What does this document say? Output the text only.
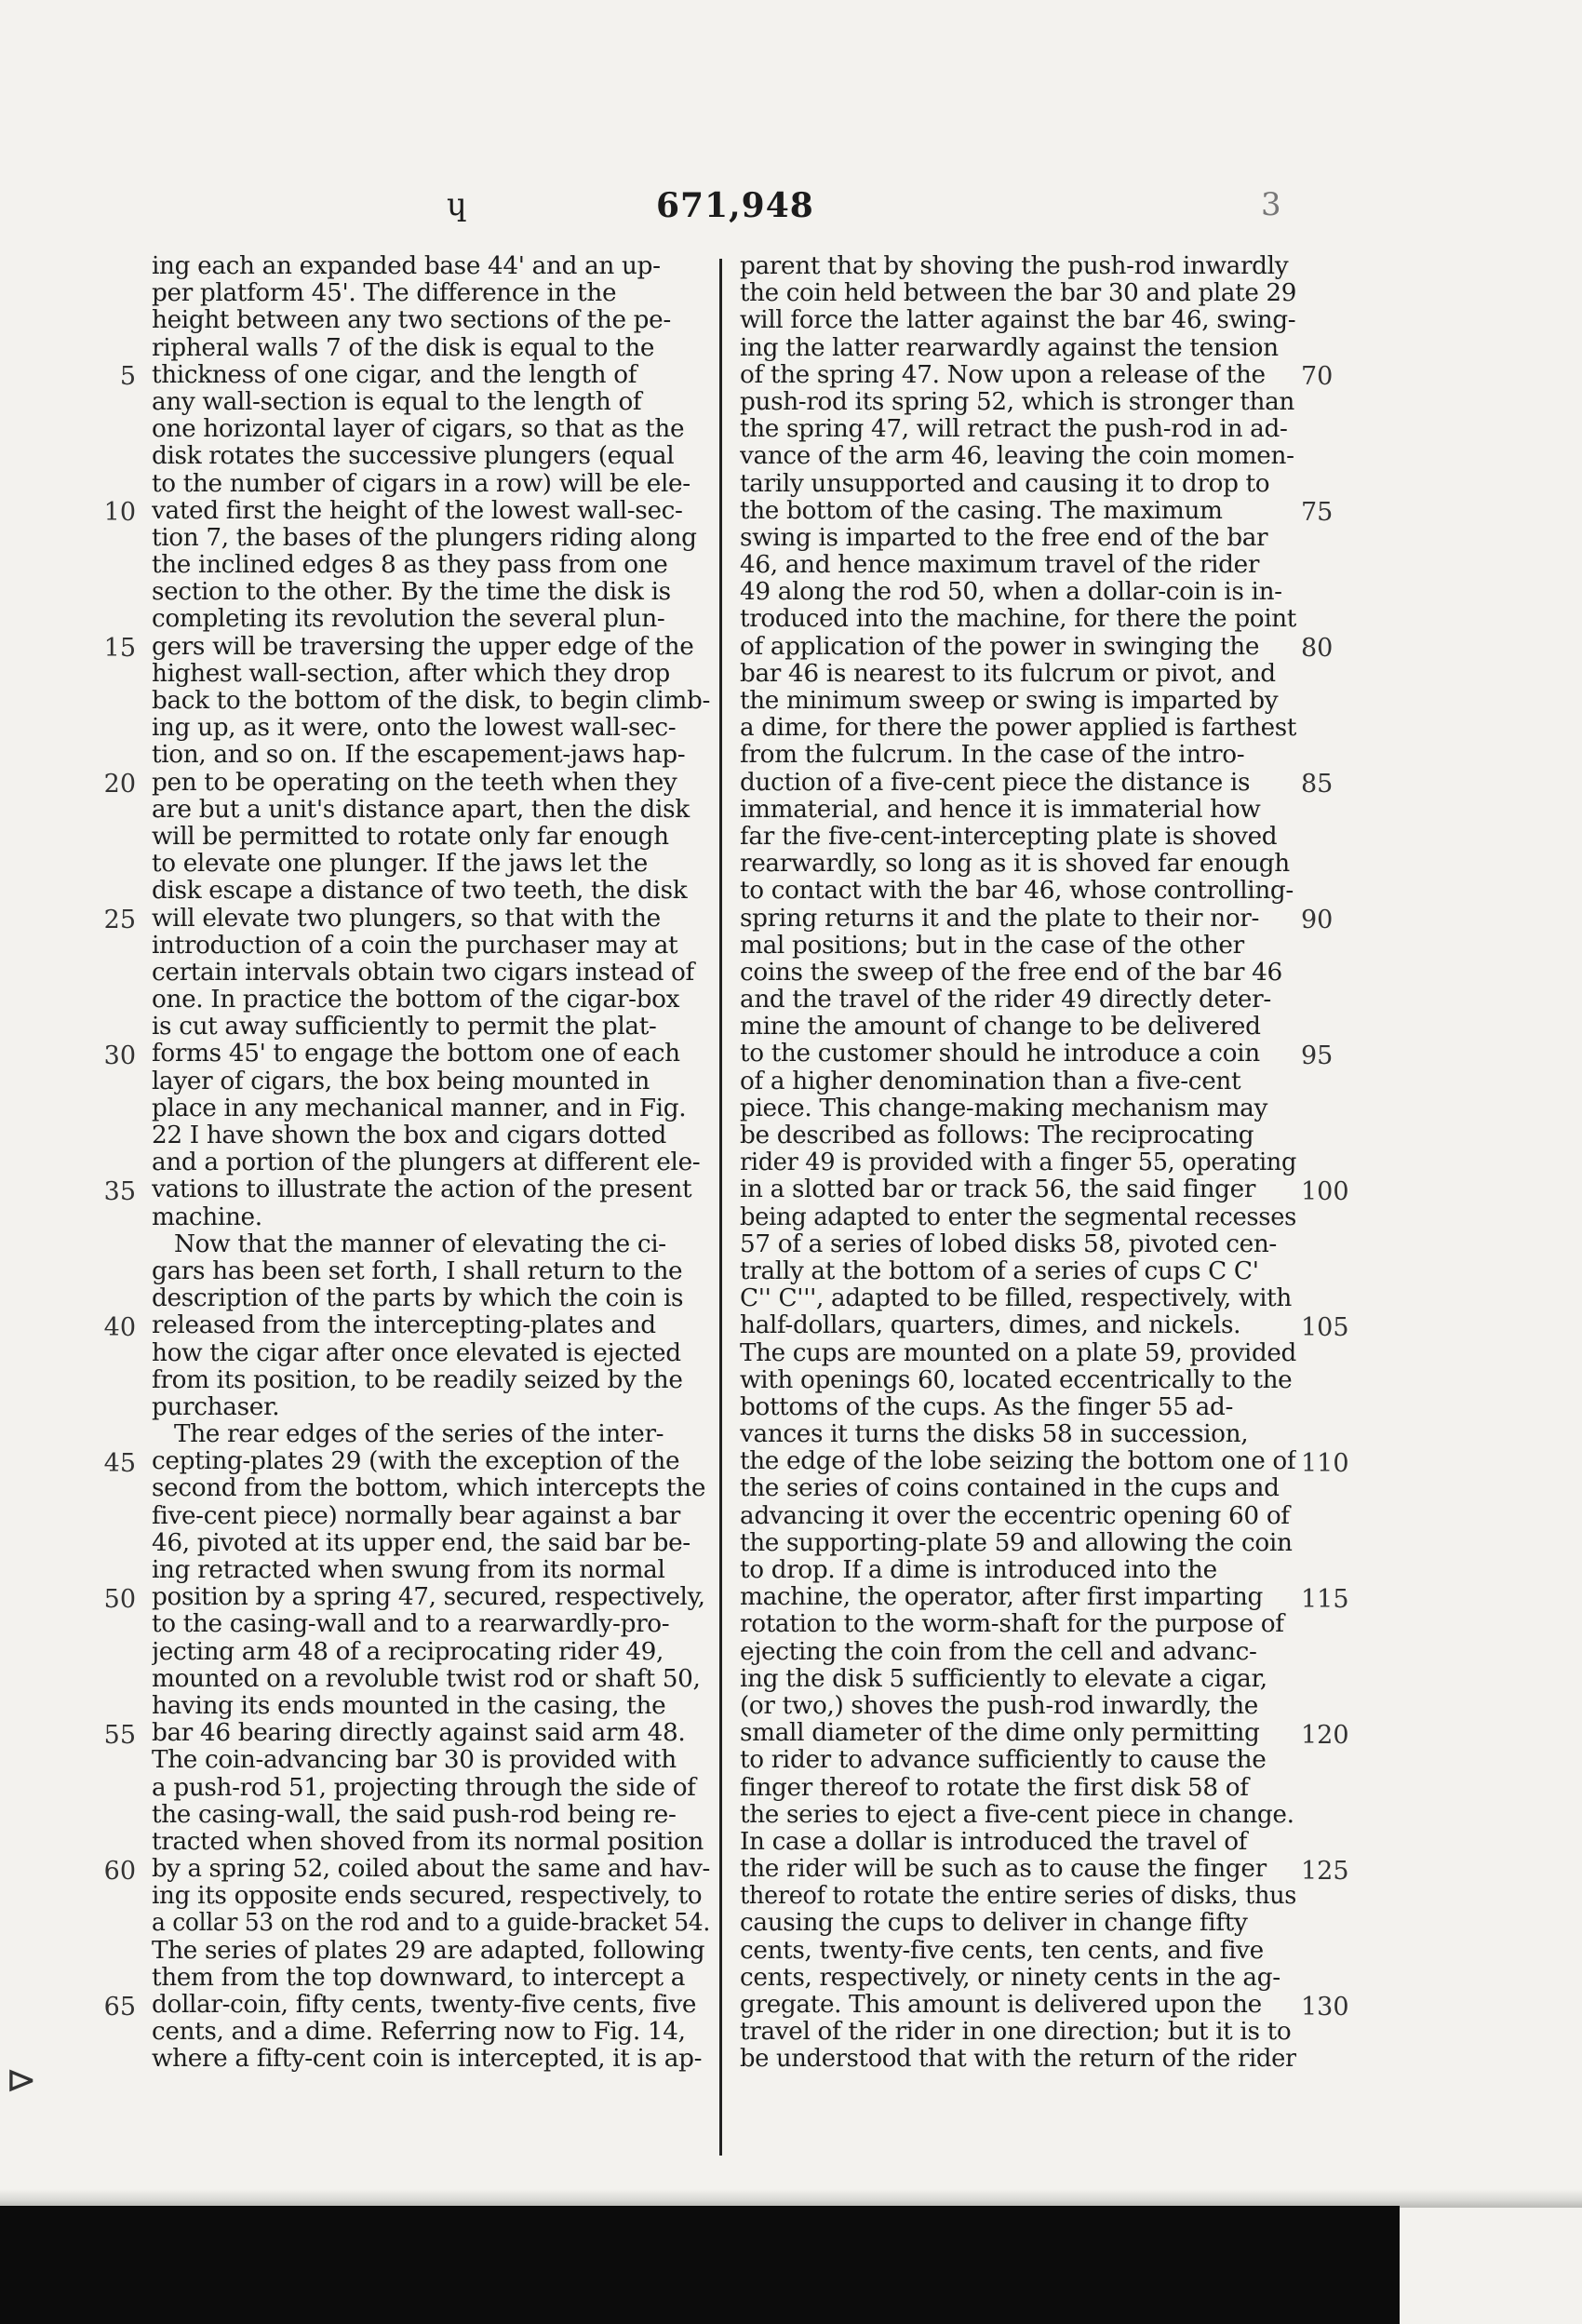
ɥ	671,948	3
ing each an expanded base 44' and an up-
per platform 45'. The difference in the
height between any two sections of the pe-
ripheral walls 7 of the disk is equal to the
thickness of one cigar, and the length of
any wall-section is equal to the length of
one horizontal layer of cigars, so that as the
disk rotates the successive plungers (equal
to the number of cigars in a row) will be ele-
vated first the height of the lowest wall-sec-
tion 7, the bases of the plungers riding along
the inclined edges 8 as they pass from one
section to the other. By the time the disk is
completing its revolution the several plun-
gers will be traversing the upper edge of the
highest wall-section, after which they drop
back to the bottom of the disk, to begin climb-
ing up, as it were, onto the lowest wall-sec-
tion, and so on. If the escapement-jaws hap-
pen to be operating on the teeth when they
are but a unit's distance apart, then the disk
will be permitted to rotate only far enough
to elevate one plunger. If the jaws let the
disk escape a distance of two teeth, the disk
will elevate two plungers, so that with the
introduction of a coin the purchaser may at
certain intervals obtain two cigars instead of
one. In practice the bottom of the cigar-box
is cut away sufficiently to permit the plat-
forms 45' to engage the bottom one of each
layer of cigars, the box being mounted in
place in any mechanical manner, and in Fig.
22 I have shown the box and cigars dotted
and a portion of the plungers at different ele-
vations to illustrate the action of the present
machine.
Now that the manner of elevating the ci-
gars has been set forth, I shall return to the
description of the parts by which the coin is
released from the intercepting-plates and
how the cigar after once elevated is ejected
from its position, to be readily seized by the
purchaser.
The rear edges of the series of the inter-
cepting-plates 29 (with the exception of the
second from the bottom, which intercepts the
five-cent piece) normally bear against a bar
46, pivoted at its upper end, the said bar be-
ing retracted when swung from its normal
position by a spring 47, secured, respectively,
to the casing-wall and to a rearwardly-pro-
jecting arm 48 of a reciprocating rider 49,
mounted on a revoluble twist rod or shaft 50,
having its ends mounted in the casing, the
bar 46 bearing directly against said arm 48.
The coin-advancing bar 30 is provided with
a push-rod 51, projecting through the side of
the casing-wall, the said push-rod being re-
tracted when shoved from its normal position
by a spring 52, coiled about the same and hav-
ing its opposite ends secured, respectively, to
a collar 53 on the rod and to a guide-bracket 54.
The series of plates 29 are adapted, following
them from the top downward, to intercept a
dollar-coin, fifty cents, twenty-five cents, five
cents, and a dime. Referring now to Fig. 14,
where a fifty-cent coin is intercepted, it is ap-
parent that by shoving the push-rod inwardly
the coin held between the bar 30 and plate 29
will force the latter against the bar 46, swing-
ing the latter rearwardly against the tension
of the spring 47. Now upon a release of the
push-rod its spring 52, which is stronger than
the spring 47, will retract the push-rod in ad-
vance of the arm 46, leaving the coin momen-
tarily unsupported and causing it to drop to
the bottom of the casing. The maximum
swing is imparted to the free end of the bar
46, and hence maximum travel of the rider
49 along the rod 50, when a dollar-coin is in-
troduced into the machine, for there the point
of application of the power in swinging the
bar 46 is nearest to its fulcrum or pivot, and
the minimum sweep or swing is imparted by
a dime, for there the power applied is farthest
from the fulcrum. In the case of the intro-
duction of a five-cent piece the distance is
immaterial, and hence it is immaterial how
far the five-cent-intercepting plate is shoved
rearwardly, so long as it is shoved far enough
to contact with the bar 46, whose controlling-
spring returns it and the plate to their nor-
mal positions; but in the case of the other
coins the sweep of the free end of the bar 46
and the travel of the rider 49 directly deter-
mine the amount of change to be delivered
to the customer should he introduce a coin
of a higher denomination than a five-cent
piece. This change-making mechanism may
be described as follows: The reciprocating
rider 49 is provided with a finger 55, operating
in a slotted bar or track 56, the said finger
being adapted to enter the segmental recesses
57 of a series of lobed disks 58, pivoted cen-
trally at the bottom of a series of cups C C'
C'' C''', adapted to be filled, respectively, with
half-dollars, quarters, dimes, and nickels.
The cups are mounted on a plate 59, provided
with openings 60, located eccentrically to the
bottoms of the cups. As the finger 55 ad-
vances it turns the disks 58 in succession,
the edge of the lobe seizing the bottom one of
the series of coins contained in the cups and
advancing it over the eccentric opening 60 of
the supporting-plate 59 and allowing the coin
to drop. If a dime is introduced into the
machine, the operator, after first imparting
rotation to the worm-shaft for the purpose of
ejecting the coin from the cell and advanc-
ing the disk 5 sufficiently to elevate a cigar,
(or two,) shoves the push-rod inwardly, the
small diameter of the dime only permitting
to rider to advance sufficiently to cause the
finger thereof to rotate the first disk 58 of
the series to eject a five-cent piece in change.
In case a dollar is introduced the travel of
the rider will be such as to cause the finger
thereof to rotate the entire series of disks, thus
causing the cups to deliver in change fifty
cents, twenty-five cents, ten cents, and five
cents, respectively, or ninety cents in the ag-
gregate. This amount is delivered upon the
travel of the rider in one direction; but it is to
be understood that with the return of the rider
5
10
15
20
25
30
35
40
45
50
55
60
65
70
75
80
85
90
95
100
105
110
115
120
125
130
⊳
